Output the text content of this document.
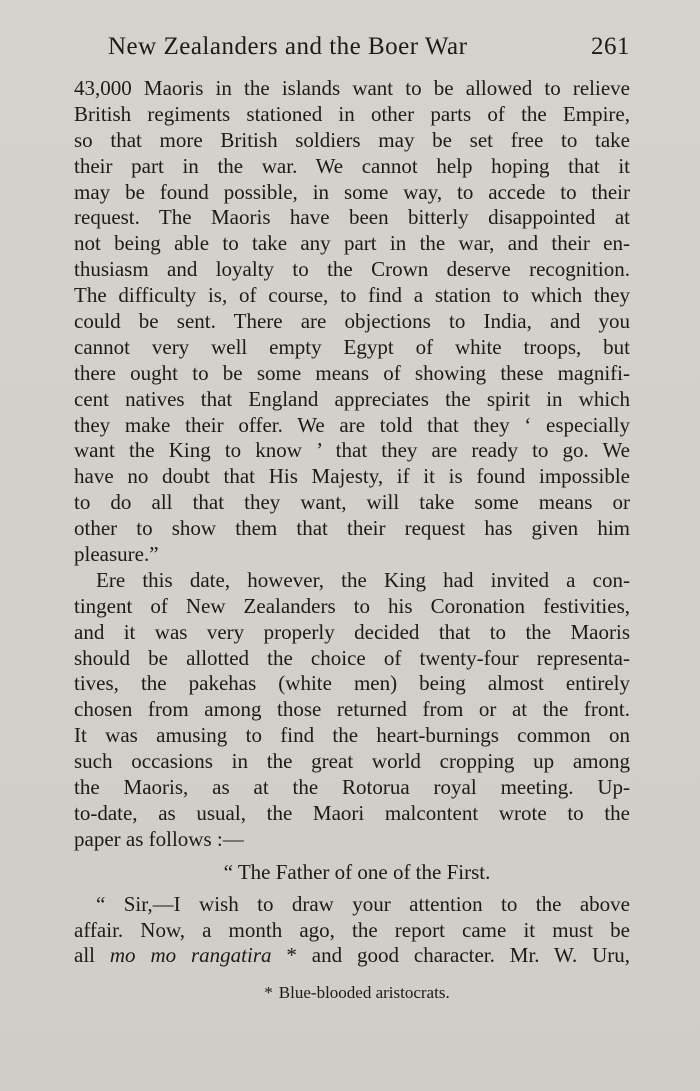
New Zealanders and the Boer War	261
43,000 Maoris in the islands want to be allowed to relieve
British regiments stationed in other parts of the Empire,
so that more British soldiers may be set free to take
their part in the war. We cannot help hoping that it
may be found possible, in some way, to accede to their
request. The Maoris have been bitterly disappointed at
not being able to take any part in the war, and their en-
thusiasm and loyalty to the Crown deserve recognition.
The difficulty is, of course, to find a station to which they
could be sent. There are objections to India, and you
cannot very well empty Egypt of white troops, but
there ought to be some means of showing these magnifi-
cent natives that England appreciates the spirit in which
they make their offer. We are told that they ‘ especially
want the King to know ’ that they are ready to go. We
have no doubt that His Majesty, if it is found impossible
to do all that they want, will take some means or
other to show them that their request has given him
pleasure.”
Ere this date, however, the King had invited a con-
tingent of New Zealanders to his Coronation festivities,
and it was very properly decided that to the Maoris
should be allotted the choice of twenty-four representa-
tives, the pakehas (white men) being almost entirely
chosen from among those returned from or at the front.
It was amusing to find the heart-burnings common on
such occasions in the great world cropping up among
the Maoris, as at the Rotorua royal meeting. Up-
to-date, as usual, the Maori malcontent wrote to the
paper as follows :—
“ The Father of one of the First.
“ Sir,—I wish to draw your attention to the above
affair. Now, a month ago, the report came it must be
all mo mo rangatira * and good character. Mr. W. Uru,
* Blue-blooded aristocrats.
